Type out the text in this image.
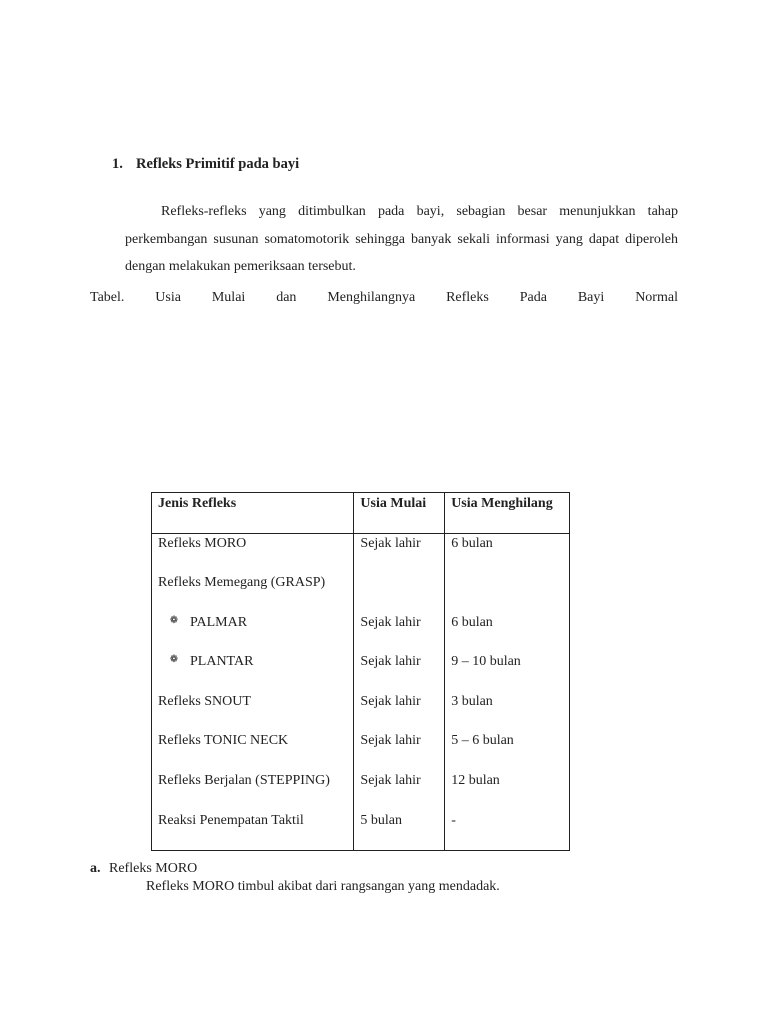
1. Refleks Primitif pada bayi
Refleks-refleks yang ditimbulkan pada bayi, sebagian besar menunjukkan tahap perkembangan susunan somatomotorik sehingga banyak sekali informasi yang dapat diperoleh dengan melakukan pemeriksaan tersebut.
Tabel. Usia Mulai dan Menghilangnya Refleks Pada Bayi Normal
Jenis Refleks	Usia Mulai	Usia Menghilang
Refleks MORO	Sejak lahir	6 bulan
Refleks Memegang (GRASP)		
❁ PALMAR	Sejak lahir	6 bulan
❁ PLANTAR	Sejak lahir	9 – 10 bulan
Refleks SNOUT	Sejak lahir	3 bulan
Refleks TONIC NECK	Sejak lahir	5 – 6 bulan
Refleks Berjalan (STEPPING)	Sejak lahir	12 bulan
Reaksi Penempatan Taktil	5 bulan	-
a. Refleks MORO
Refleks MORO timbul akibat dari rangsangan yang mendadak.
